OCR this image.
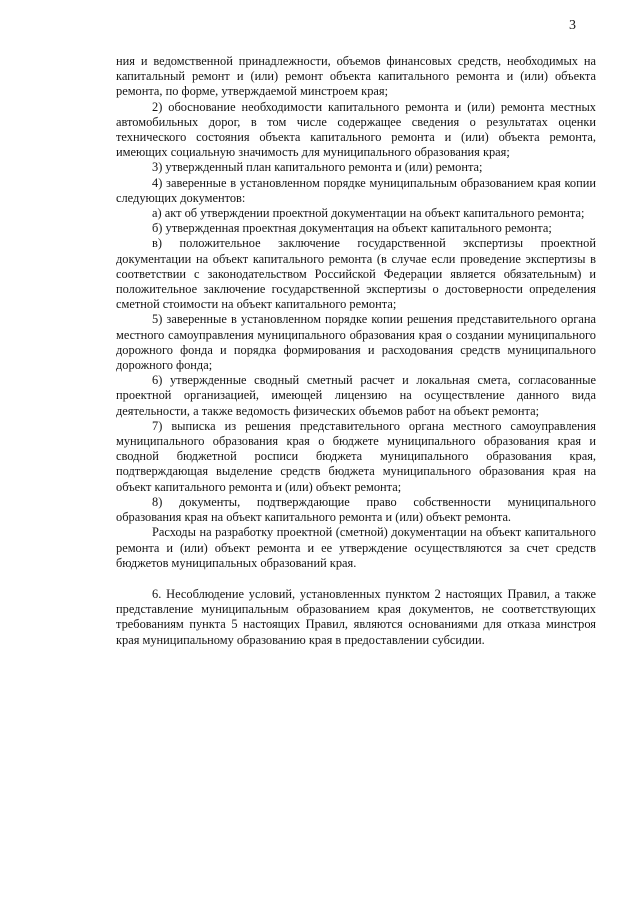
3

ния и ведомственной принадлежности, объемов финансовых средств, необходимых на капитальный ремонт и (или) ремонт объекта капитального ремонта и (или) объекта ремонта, по форме, утверждаемой минстроем края;

2) обоснование необходимости капитального ремонта и (или) ремонта местных автомобильных дорог, в том числе содержащее сведения о результатах оценки технического состояния объекта капитального ремонта и (или) объекта ремонта, имеющих социальную значимость для муниципального образования края;

3) утвержденный план капитального ремонта и (или) ремонта;

4) заверенные в установленном порядке муниципальным образованием края копии следующих документов:

а) акт об утверждении проектной документации на объект капитального ремонта;

б) утвержденная проектная документация на объект капитального ремонта;

в) положительное заключение государственной экспертизы проектной документации на объект капитального ремонта (в случае если проведение экспертизы в соответствии с законодательством Российской Федерации является обязательным) и положительное заключение государственной экспертизы о достоверности определения сметной стоимости на объект капитального ремонта;

5) заверенные в установленном порядке копии решения представительного органа местного самоуправления муниципального образования края о создании муниципального дорожного фонда и порядка формирования и расходования средств муниципального дорожного фонда;

6) утвержденные сводный сметный расчет и локальная смета, согласованные проектной организацией, имеющей лицензию на осуществление данного вида деятельности, а также ведомость физических объемов работ на объект ремонта;

7) выписка из решения представительного органа местного самоуправления муниципального образования края о бюджете муниципального образования края и сводной бюджетной росписи бюджета муниципального образования края, подтверждающая выделение средств бюджета муниципального образования края на объект капитального ремонта и (или) объект ремонта;

8) документы, подтверждающие право собственности муниципального образования края на объект капитального ремонта и (или) объект ремонта.

Расходы на разработку проектной (сметной) документации на объект капитального ремонта и (или) объект ремонта и ее утверждение осуществляются за счет средств бюджетов муниципальных образований края.

6. Несоблюдение условий, установленных пунктом 2 настоящих Правил, а также представление муниципальным образованием края документов, не соответствующих требованиям пункта 5 настоящих Правил, являются основаниями для отказа минстроя края муниципальному образованию края в предоставлении субсидии.
